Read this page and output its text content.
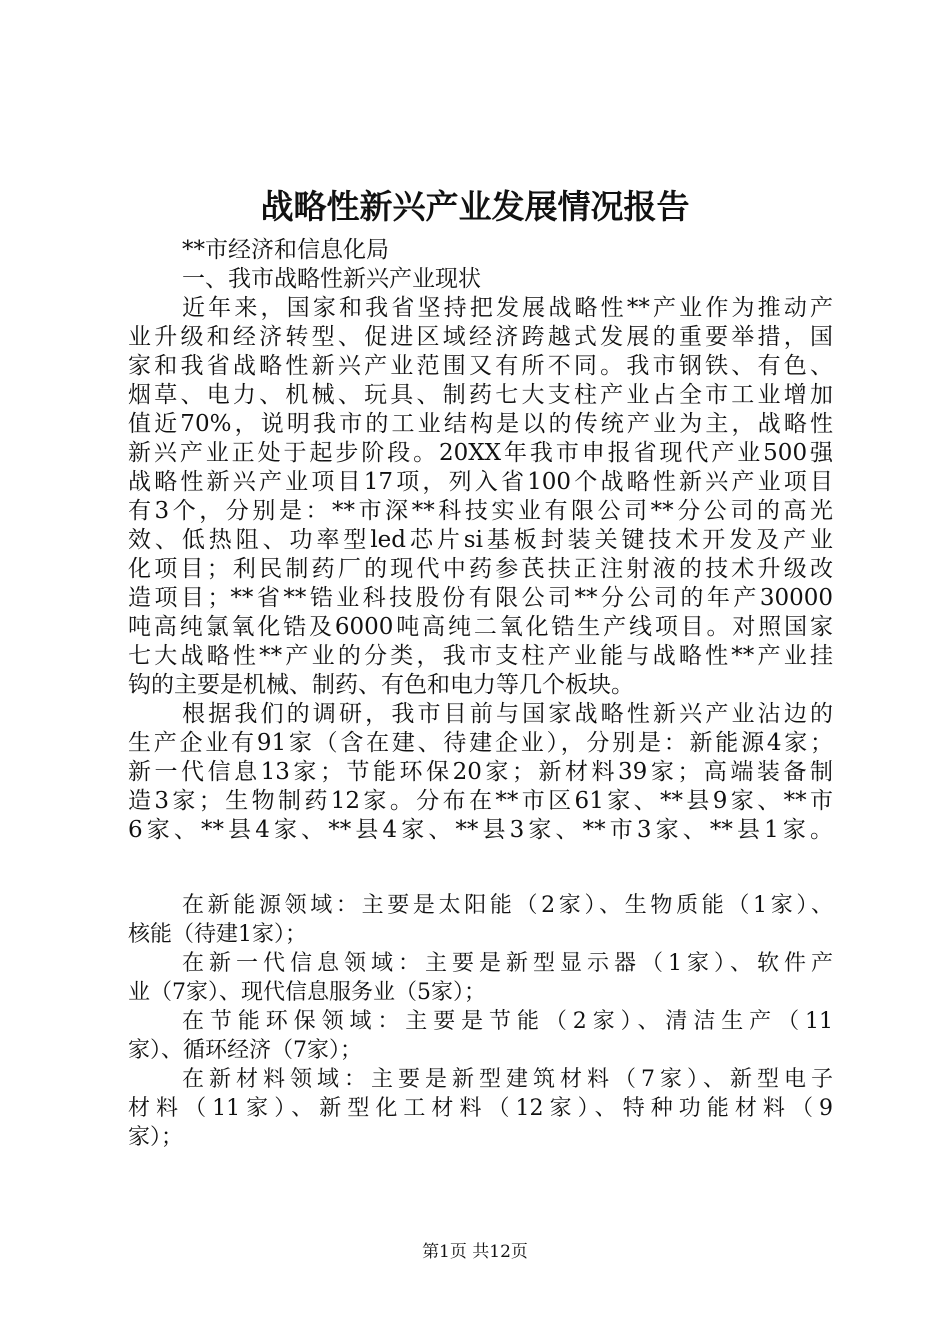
战略性新兴产业发展情况报告
**市经济和信息化局
一、我市战略性新兴产业现状
近年来，国家和我省坚持把发展战略性**产业作为推动产
业升级和经济转型、促进区域经济跨越式发展的重要举措，国
家和我省战略性新兴产业范围又有所不同。我市钢铁、有色、
烟草、电力、机械、玩具、制药七大支柱产业占全市工业增加
值近70%，说明我市的工业结构是以的传统产业为主，战略性
新兴产业正处于起步阶段。20XX年我市申报省现代产业500强
战略性新兴产业项目17项，列入省100个战略性新兴产业项目
有3个，分别是：**市深**科技实业有限公司**分公司的高光
效、低热阻、功率型led芯片si基板封装关键技术开发及产业
化项目；利民制药厂的现代中药参芪扶正注射液的技术升级改
造项目；**省**锆业科技股份有限公司**分公司的年产30000
吨高纯氯氧化锆及6000吨高纯二氧化锆生产线项目。对照国家
七大战略性**产业的分类，我市支柱产业能与战略性**产业挂
钩的主要是机械、制药、有色和电力等几个板块。
根据我们的调研，我市目前与国家战略性新兴产业沾边的
生产企业有91家（含在建、待建企业），分别是：新能源4家；
新一代信息13家；节能环保20家；新材料39家；高端装备制
造3家；生物制药12家。分布在**市区61家、**县9家、**市
6家、**县4家、**县4家、**县3家、**市3家、**县1家。
在新能源领域：主要是太阳能（2家）、生物质能（1家）、
核能（待建1家）；
在新一代信息领域：主要是新型显示器（1家）、软件产
业（7家）、现代信息服务业（5家）；
在节能环保领域：主要是节能（2家）、清洁生产（11
家）、循环经济（7家）；
在新材料领域：主要是新型建筑材料（7家）、新型电子
材料（11家）、新型化工材料（12家）、特种功能材料（9
家）；
第1页 共12页
